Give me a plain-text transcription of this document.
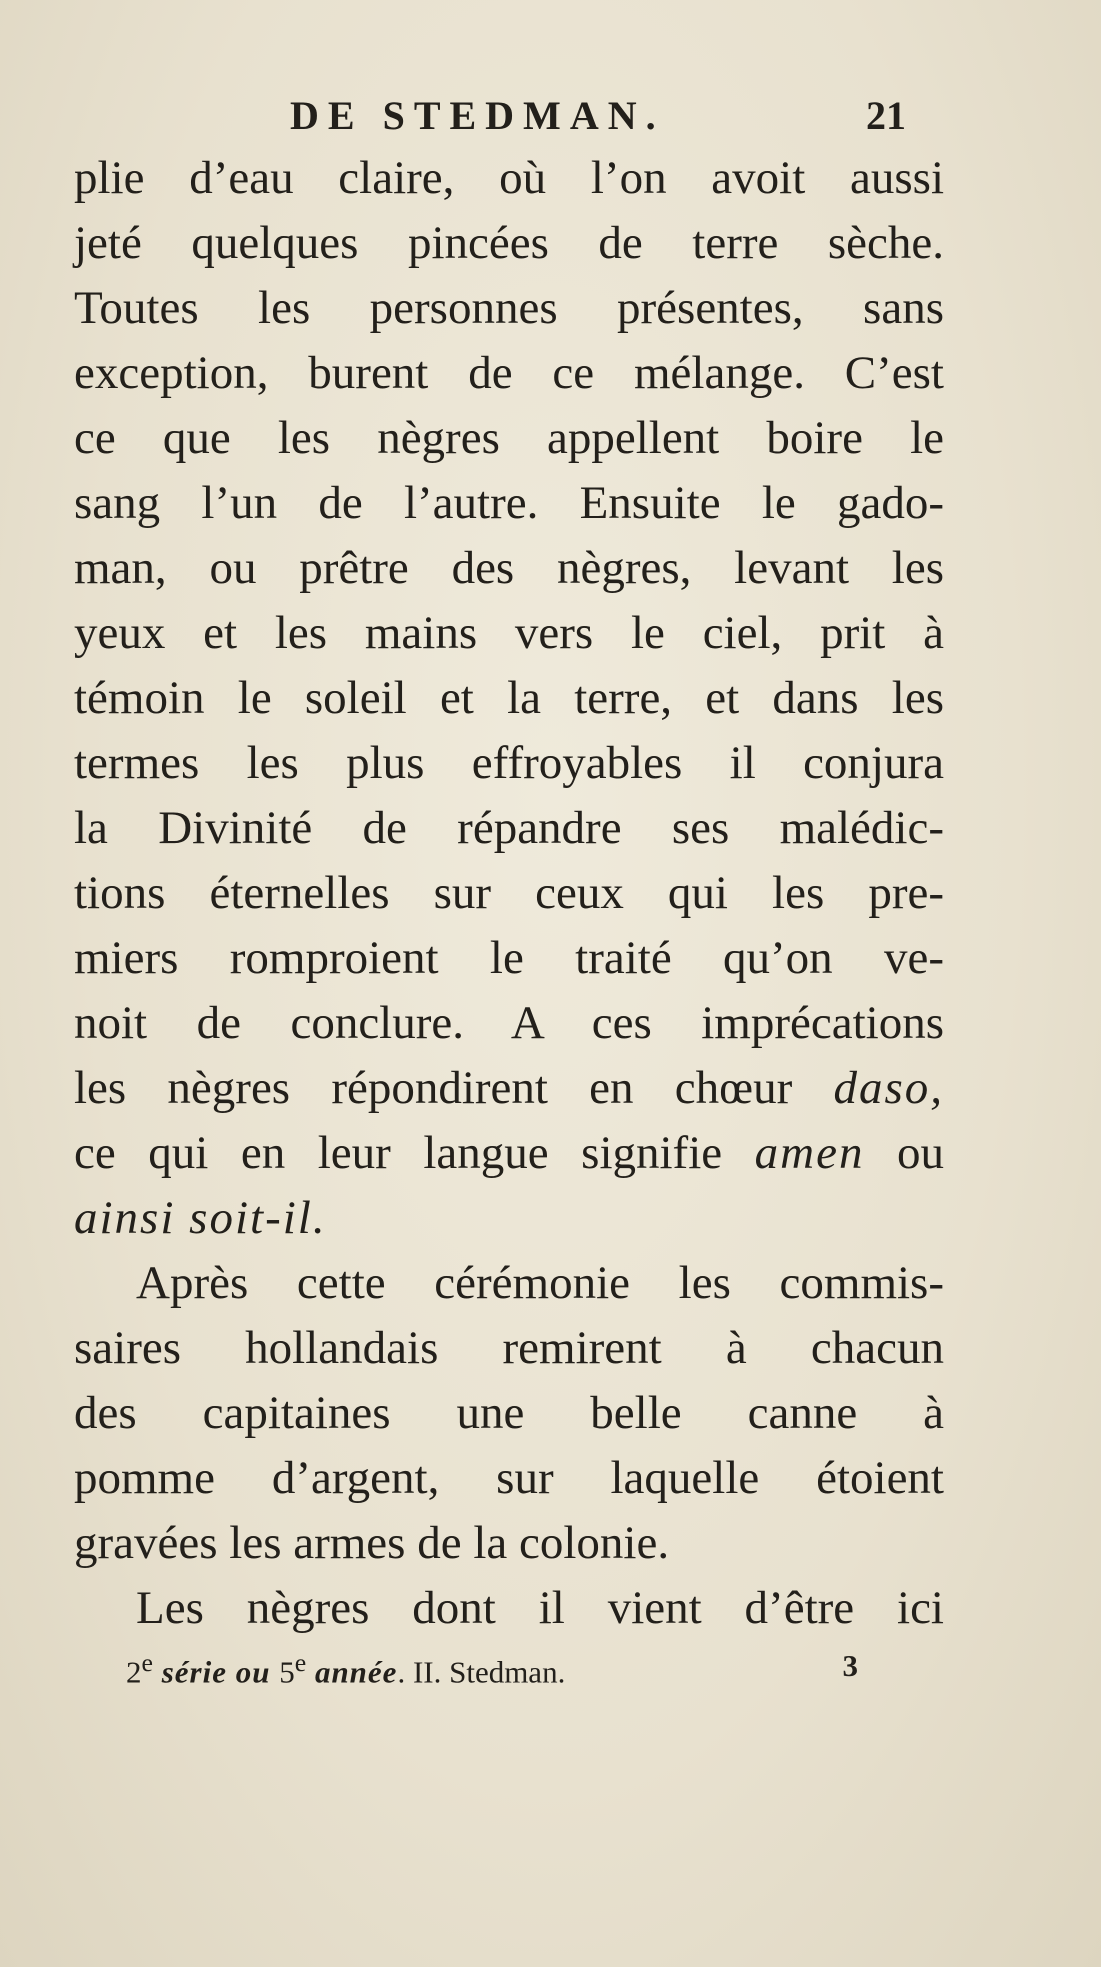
DE STEDMAN.	21
plie d’eau claire, où l’on avoit aussi
jeté quelques pincées de terre sèche.
Toutes les personnes présentes, sans
exception, burent de ce mélange. C’est
ce que les nègres appellent boire le
sang l’un de l’autre. Ensuite le gado-
man, ou prêtre des nègres, levant les
yeux et les mains vers le ciel, prit à
témoin le soleil et la terre, et dans les
termes les plus effroyables il conjura
la Divinité de répandre ses malédic-
tions éternelles sur ceux qui les pre-
miers romproient le traité qu’on ve-
noit de conclure. A ces imprécations
les nègres répondirent en chœur daso,
ce qui en leur langue signifie amen ou
ainsi soit-il.
Après cette cérémonie les commis-
saires hollandais remirent à chacun
des capitaines une belle canne à
pomme d’argent, sur laquelle étoient
gravées les armes de la colonie.
Les nègres dont il vient d’être ici
2e série ou 5e année. II. Stedman.	3
